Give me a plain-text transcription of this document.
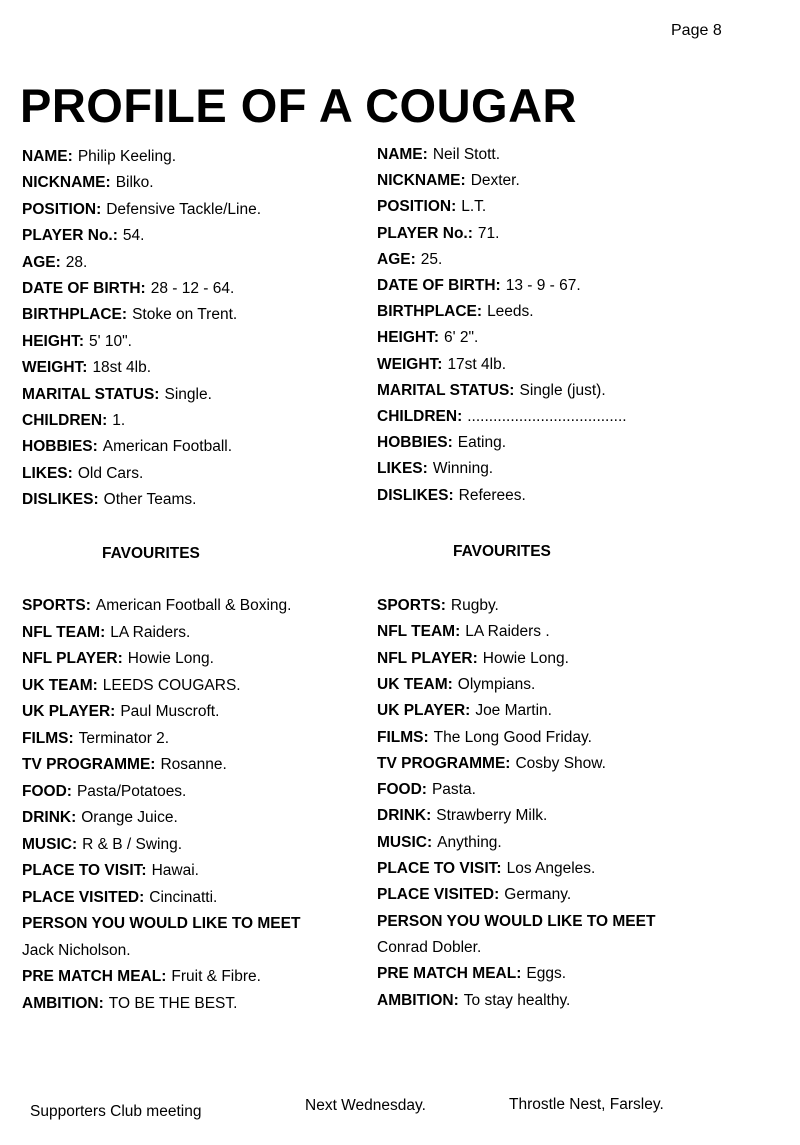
Page 8
PROFILE OF A COUGAR
NAME: Philip Keeling.
NICKNAME: Bilko.
POSITION: Defensive Tackle/Line.
PLAYER No.: 54.
AGE: 28.
DATE OF BIRTH: 28 - 12 - 64.
BIRTHPLACE: Stoke on Trent.
HEIGHT: 5' 10".
WEIGHT: 18st 4lb.
MARITAL STATUS: Single.
CHILDREN: 1.
HOBBIES: American Football.
LIKES: Old Cars.
DISLIKES: Other Teams.
FAVOURITES
SPORTS: American Football & Boxing.
NFL TEAM: LA Raiders.
NFL PLAYER: Howie Long.
UK TEAM: LEEDS COUGARS.
UK PLAYER: Paul Muscroft.
FILMS: Terminator 2.
TV PROGRAMME: Rosanne.
FOOD: Pasta/Potatoes.
DRINK: Orange Juice.
MUSIC: R & B / Swing.
PLACE TO VISIT: Hawai.
PLACE VISITED: Cincinatti.
PERSON YOU WOULD LIKE TO MEET
Jack Nicholson.
PRE MATCH MEAL: Fruit & Fibre.
AMBITION: TO BE THE BEST.
NAME: Neil Stott.
NICKNAME: Dexter.
POSITION: L.T.
PLAYER No.: 71.
AGE: 25.
DATE OF BIRTH: 13 - 9 - 67.
BIRTHPLACE: Leeds.
HEIGHT: 6' 2".
WEIGHT: 17st 4lb.
MARITAL STATUS: Single (just).
CHILDREN: .....................................
HOBBIES: Eating.
LIKES: Winning.
DISLIKES: Referees.
FAVOURITES
SPORTS: Rugby.
NFL TEAM: LA Raiders .
NFL PLAYER: Howie Long.
UK TEAM: Olympians.
UK PLAYER: Joe Martin.
FILMS: The Long Good Friday.
TV PROGRAMME: Cosby Show.
FOOD: Pasta.
DRINK: Strawberry Milk.
MUSIC: Anything.
PLACE TO VISIT: Los Angeles.
PLACE VISITED: Germany.
PERSON YOU WOULD LIKE TO MEET
Conrad Dobler.
PRE MATCH MEAL: Eggs.
AMBITION: To stay healthy.
Supporters Club meeting	Next Wednesday.	Throstle Nest, Farsley.
